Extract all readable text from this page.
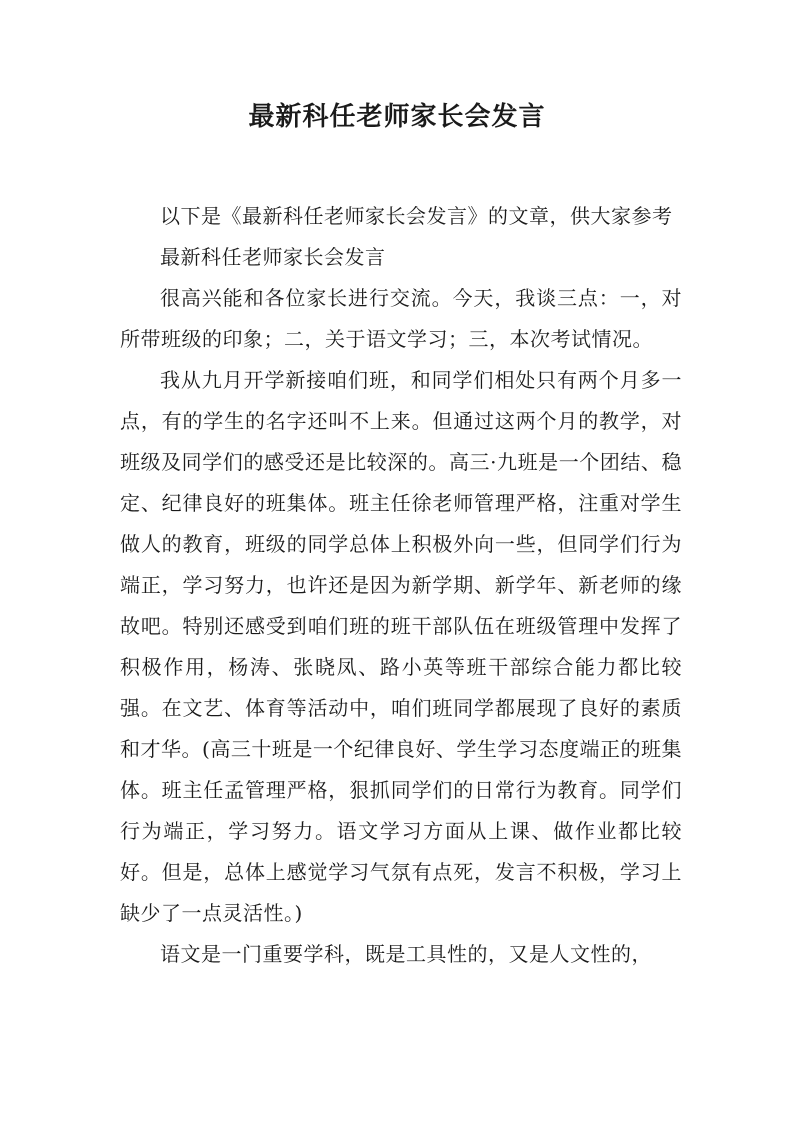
最新科任老师家长会发言

以下是《最新科任老师家长会发言》的文章，供大家参考

最新科任老师家长会发言

很高兴能和各位家长进行交流。今天，我谈三点：一，对所带班级的印象；二，关于语文学习；三，本次考试情况。

我从九月开学新接咱们班，和同学们相处只有两个月多一点，有的学生的名字还叫不上来。但通过这两个月的教学，对班级及同学们的感受还是比较深的。高三·九班是一个团结、稳定、纪律良好的班集体。班主任徐老师管理严格，注重对学生做人的教育，班级的同学总体上积极外向一些，但同学们行为端正，学习努力，也许还是因为新学期、新学年、新老师的缘故吧。特别还感受到咱们班的班干部队伍在班级管理中发挥了积极作用，杨涛、张晓凤、路小英等班干部综合能力都比较强。在文艺、体育等活动中，咱们班同学都展现了良好的素质和才华。(高三十班是一个纪律良好、学生学习态度端正的班集体。班主任孟管理严格，狠抓同学们的日常行为教育。同学们行为端正，学习努力。语文学习方面从上课、做作业都比较好。但是，总体上感觉学习气氛有点死，发言不积极，学习上缺少了一点灵活性。)

语文是一门重要学科，既是工具性的，又是人文性的，
